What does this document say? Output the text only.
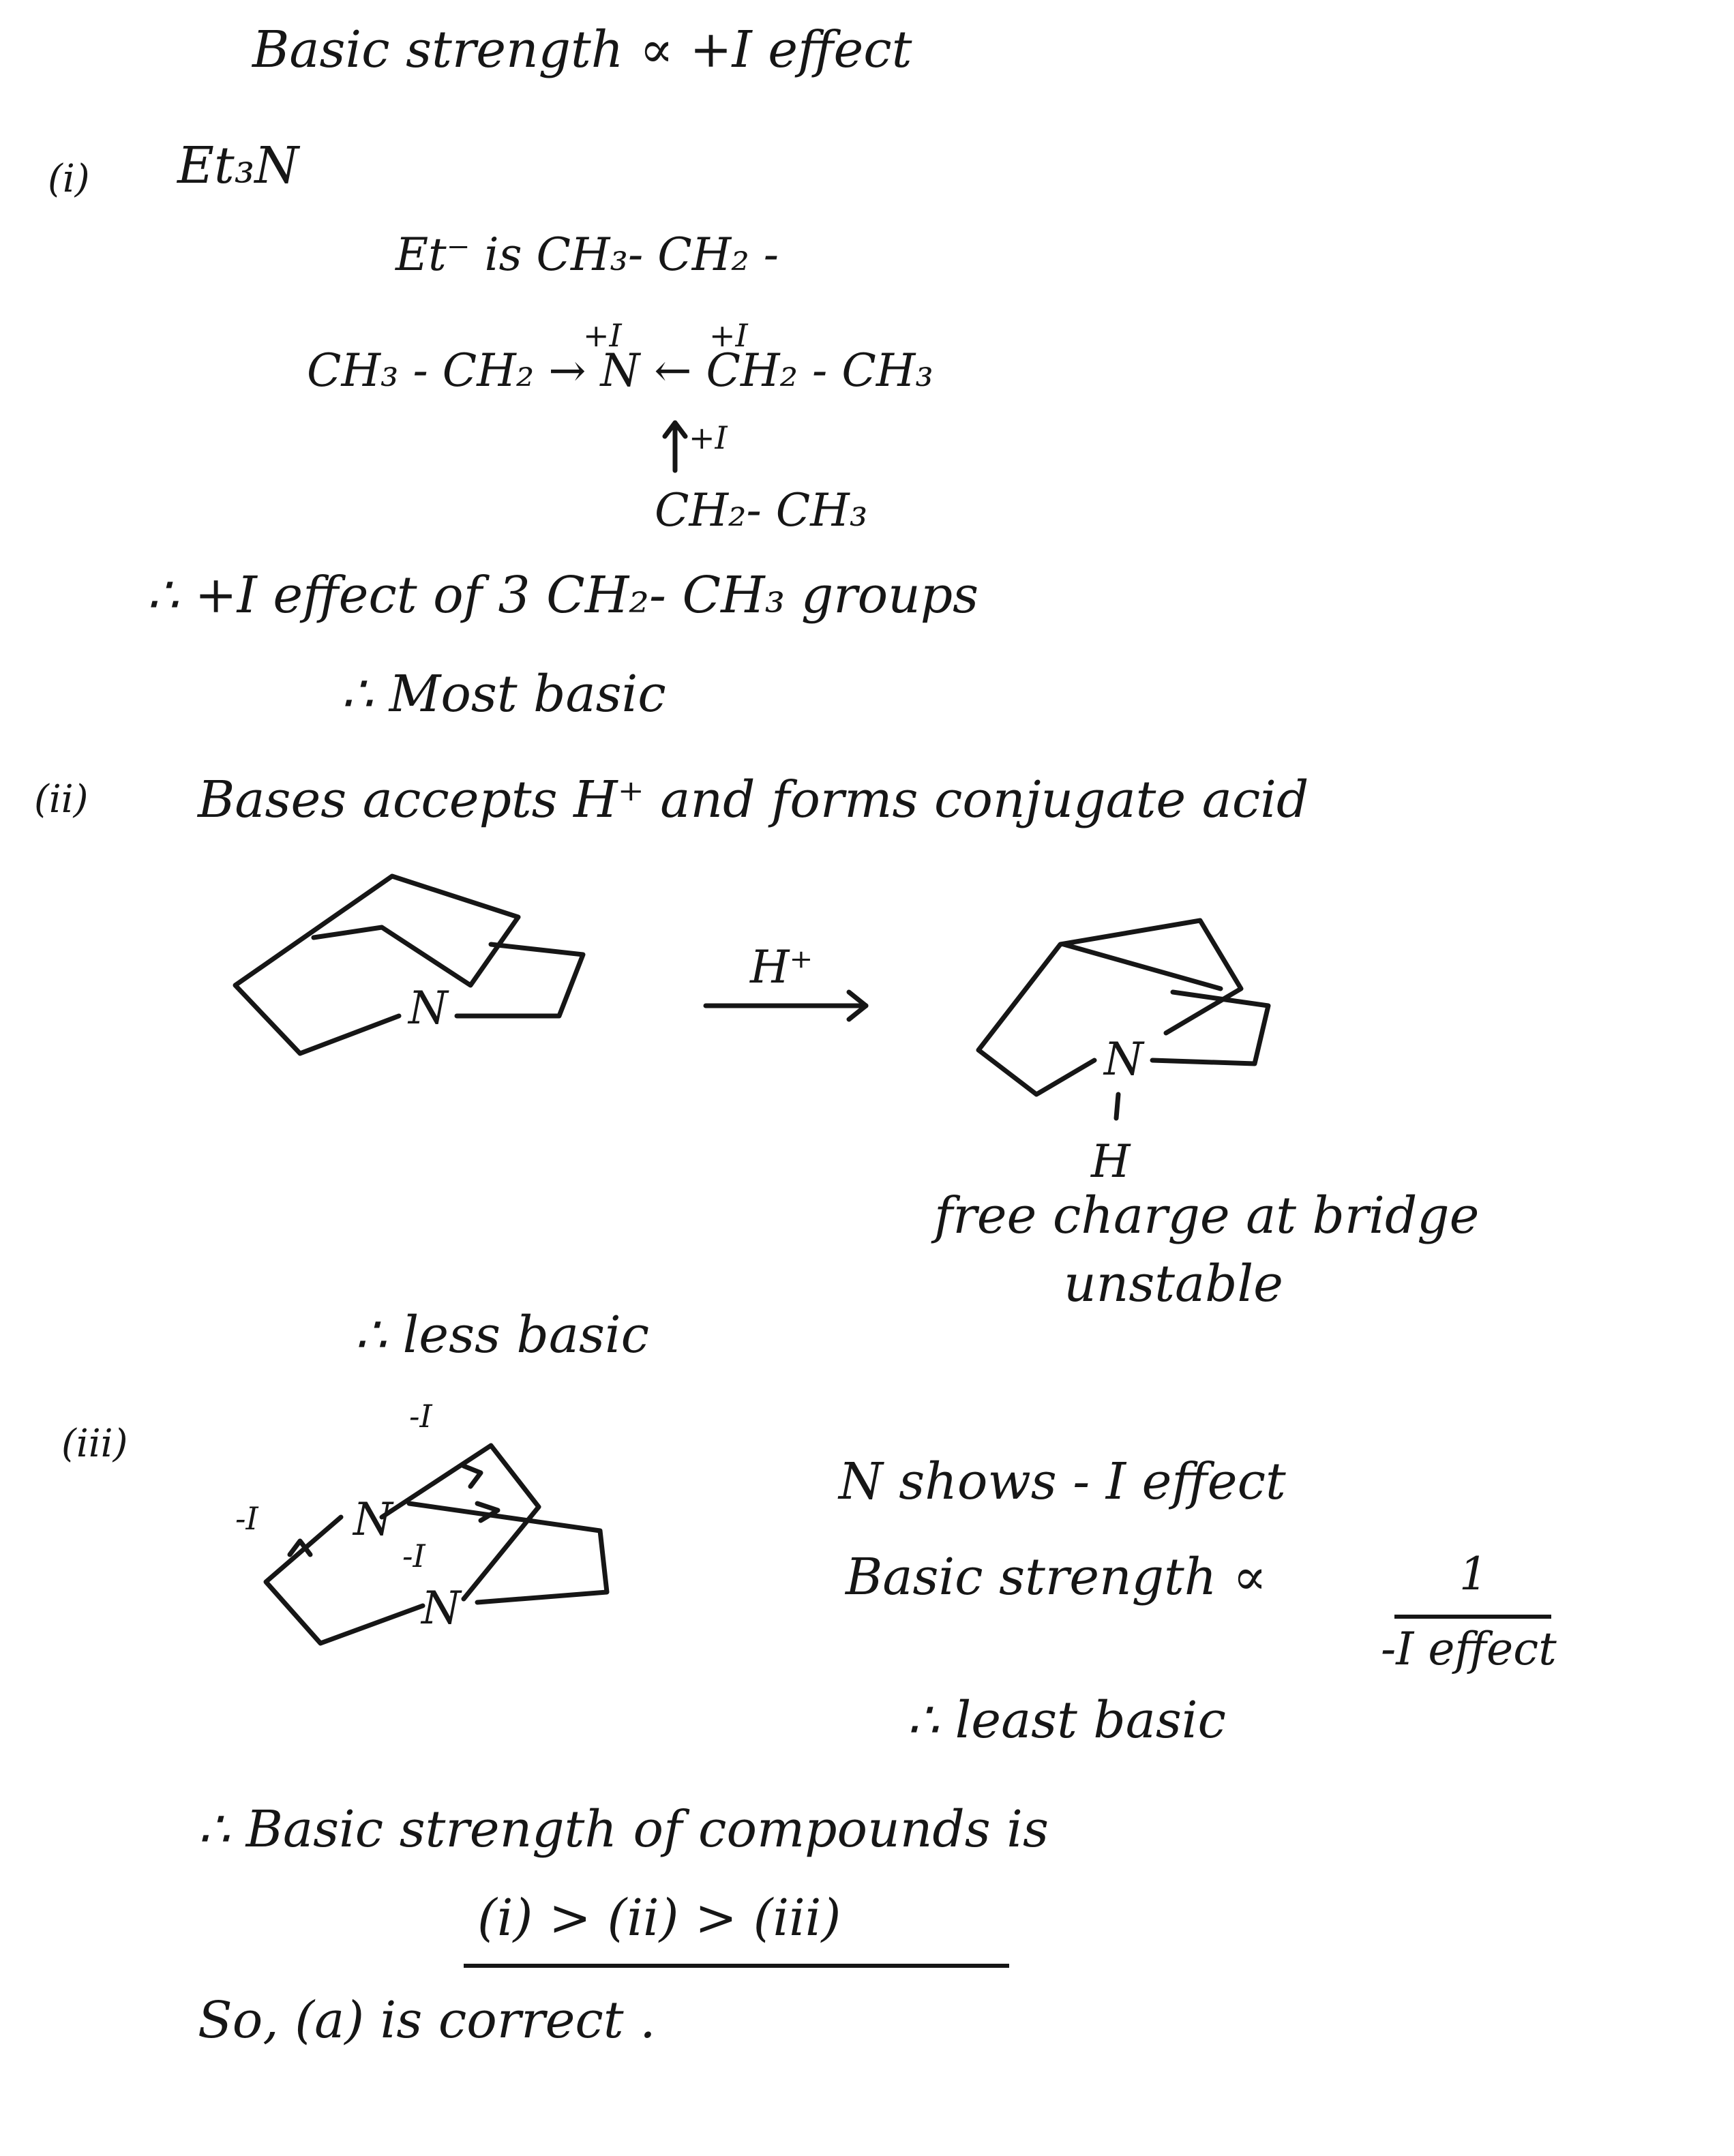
Basic strength ∝ +I effect
(i) Et₃N
Et⁻ is CH₃- CH₂ -
+I	+I
CH₃ - CH₂ → N ← CH₂ - CH₃
+I
CH₂- CH₃
∴ +I effect of 3 CH₂- CH₃ groups
∴ Most basic
(ii) Bases accepts H⁺ and forms conjugate acid
N
H⁺
N
H
free charge at bridge
unstable
∴ less basic
(iii)
-I
-I
-I
N
N
N shows - I effect
Basic strength ∝	1
-I effect
∴ least basic
∴ Basic strength of compounds is
(i) > (ii) > (iii)
So, (a) is correct .
